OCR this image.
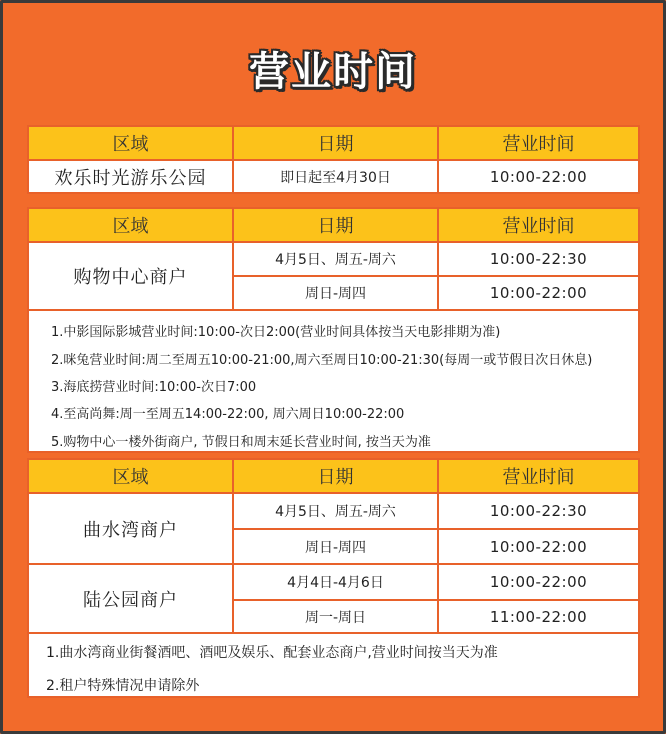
营业时间
区域	日期	营业时间
欢乐时光游乐公园	即日起至4月30日	10:00-22:00
区域	日期	营业时间
购物中心商户
4月5日、周五-周六	10:00-22:30
周日-周四	10:00-22:00
1.中影国际影城营业时间:10:00-次日2:00(营业时间具体按当天电影排期为准)
2.咪兔营业时间:周二至周五10:00-21:00,周六至周日10:00-21:30(每周一或节假日次日休息)
3.海底捞营业时间:10:00-次日7:00
4.至高尚舞:周一至周五14:00-22:00, 周六周日10:00-22:00
5.购物中心一楼外街商户, 节假日和周末延长营业时间, 按当天为准
区域	日期	营业时间
曲水湾商户
4月5日、周五-周六	10:00-22:30
周日-周四	10:00-22:00
陆公园商户
4月4日-4月6日	10:00-22:00
周一-周日	11:00-22:00
1.曲水湾商业街餐酒吧、酒吧及娱乐、配套业态商户,营业时间按当天为准
2.租户特殊情况申请除外
